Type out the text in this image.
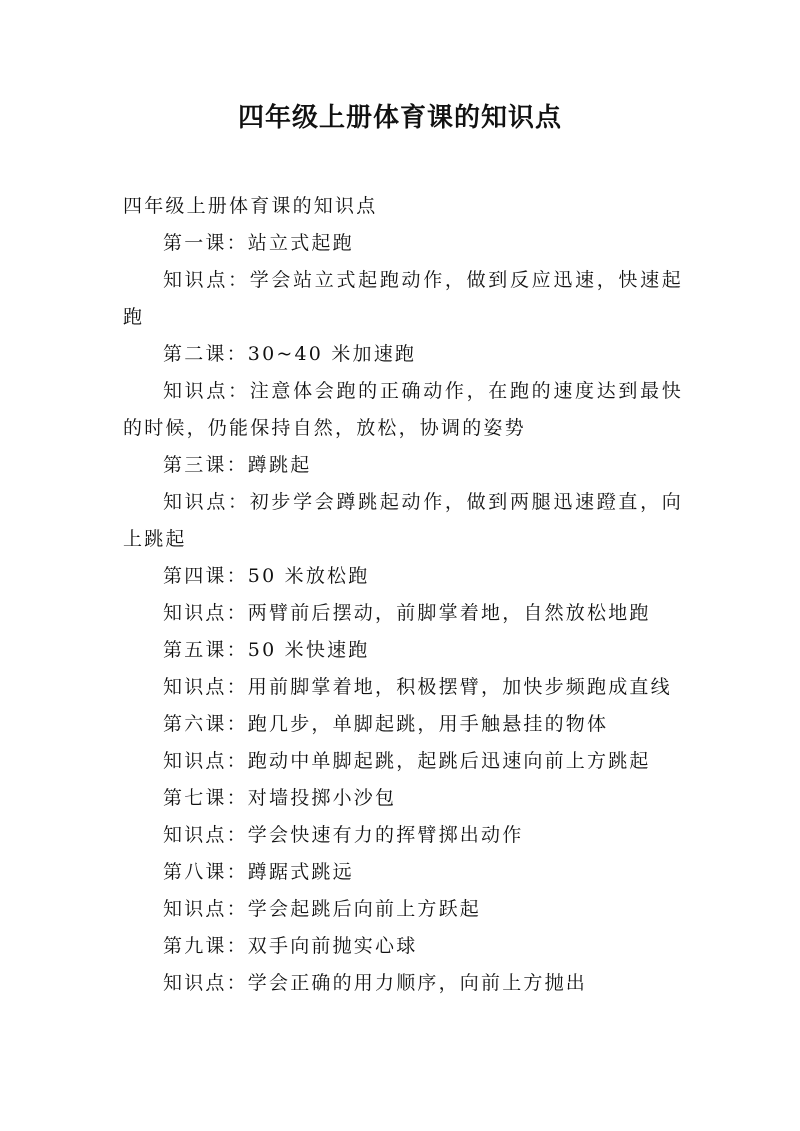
四年级上册体育课的知识点
四年级上册体育课的知识点
第一课：站立式起跑
知识点：学会站立式起跑动作，做到反应迅速，快速起跑
第二课：30~40 米加速跑
知识点：注意体会跑的正确动作，在跑的速度达到最快的时候，仍能保持自然，放松，协调的姿势
第三课：蹲跳起
知识点：初步学会蹲跳起动作，做到两腿迅速蹬直，向上跳起
第四课：50 米放松跑
知识点：两臂前后摆动，前脚掌着地，自然放松地跑
第五课：50 米快速跑
知识点：用前脚掌着地，积极摆臂，加快步频跑成直线
第六课：跑几步，单脚起跳，用手触悬挂的物体
知识点：跑动中单脚起跳，起跳后迅速向前上方跳起
第七课：对墙投掷小沙包
知识点：学会快速有力的挥臂掷出动作
第八课：蹲踞式跳远
知识点：学会起跳后向前上方跃起
第九课：双手向前抛实心球
知识点：学会正确的用力顺序，向前上方抛出
